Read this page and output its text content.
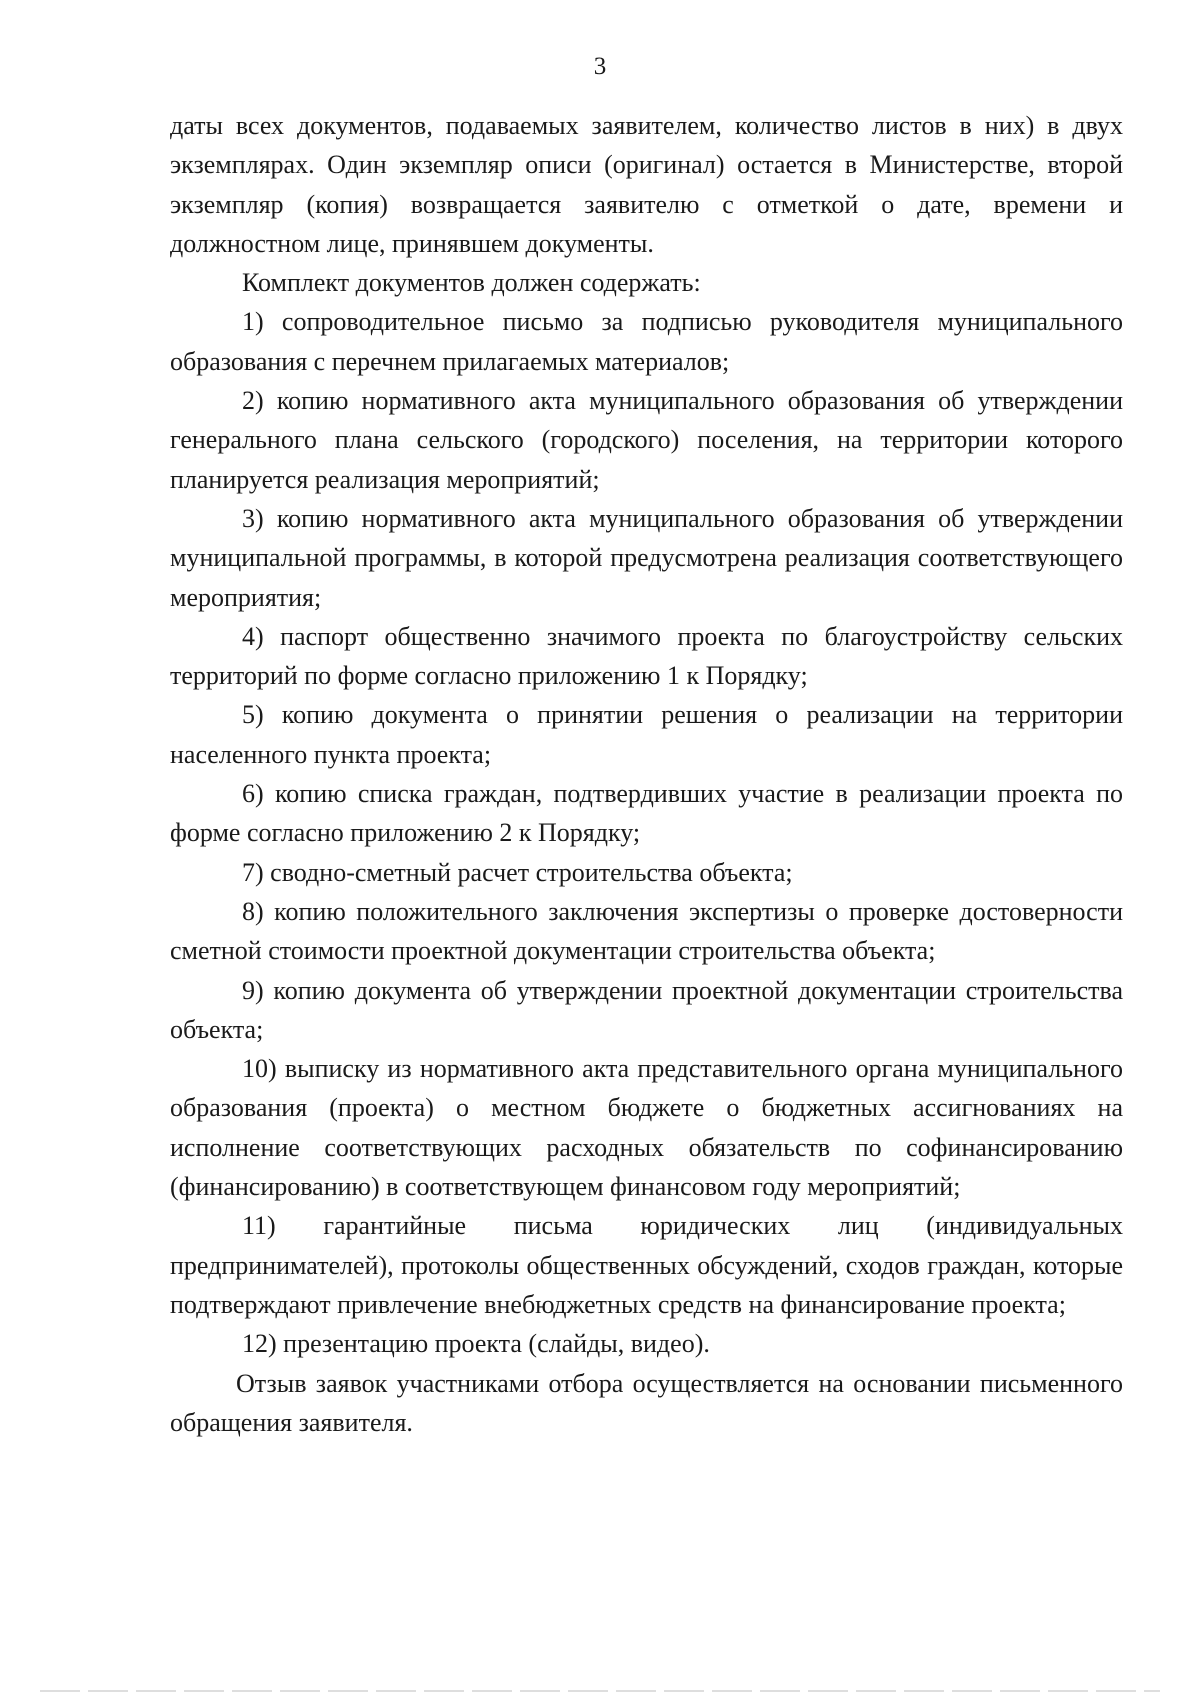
3

даты всех документов, подаваемых заявителем, количество листов в них) в двух экземплярах. Один экземпляр описи (оригинал) остается в Министерстве, второй экземпляр (копия) возвращается заявителю с отметкой о дате, времени и должностном лице, принявшем документы.

Комплект документов должен содержать:

1) сопроводительное письмо за подписью руководителя муниципального образования с перечнем прилагаемых материалов;

2) копию нормативного акта муниципального образования об утверждении генерального плана сельского (городского) поселения, на территории которого планируется реализация мероприятий;

3) копию нормативного акта муниципального образования об утверждении муниципальной программы, в которой предусмотрена реализация соответствующего мероприятия;

4) паспорт общественно значимого проекта по благоустройству сельских территорий по форме согласно приложению 1 к Порядку;

5) копию документа о принятии решения о реализации на территории населенного пункта проекта;

6) копию списка граждан, подтвердивших участие в реализации проекта по форме согласно приложению 2 к Порядку;

7) сводно-сметный расчет строительства объекта;

8) копию положительного заключения экспертизы о проверке достоверности сметной стоимости проектной документации строительства объекта;

9) копию документа об утверждении проектной документации строительства объекта;

10) выписку из нормативного акта представительного органа муниципального образования (проекта) о местном бюджете о бюджетных ассигнованиях на исполнение соответствующих расходных обязательств по софинансированию (финансированию) в соответствующем финансовом году мероприятий;

11) гарантийные письма юридических лиц (индивидуальных предпринимателей), протоколы общественных обсуждений, сходов граждан, которые подтверждают привлечение внебюджетных средств на финансирование проекта;

12) презентацию проекта (слайды, видео).

Отзыв заявок участниками отбора осуществляется на основании письменного обращения заявителя.
